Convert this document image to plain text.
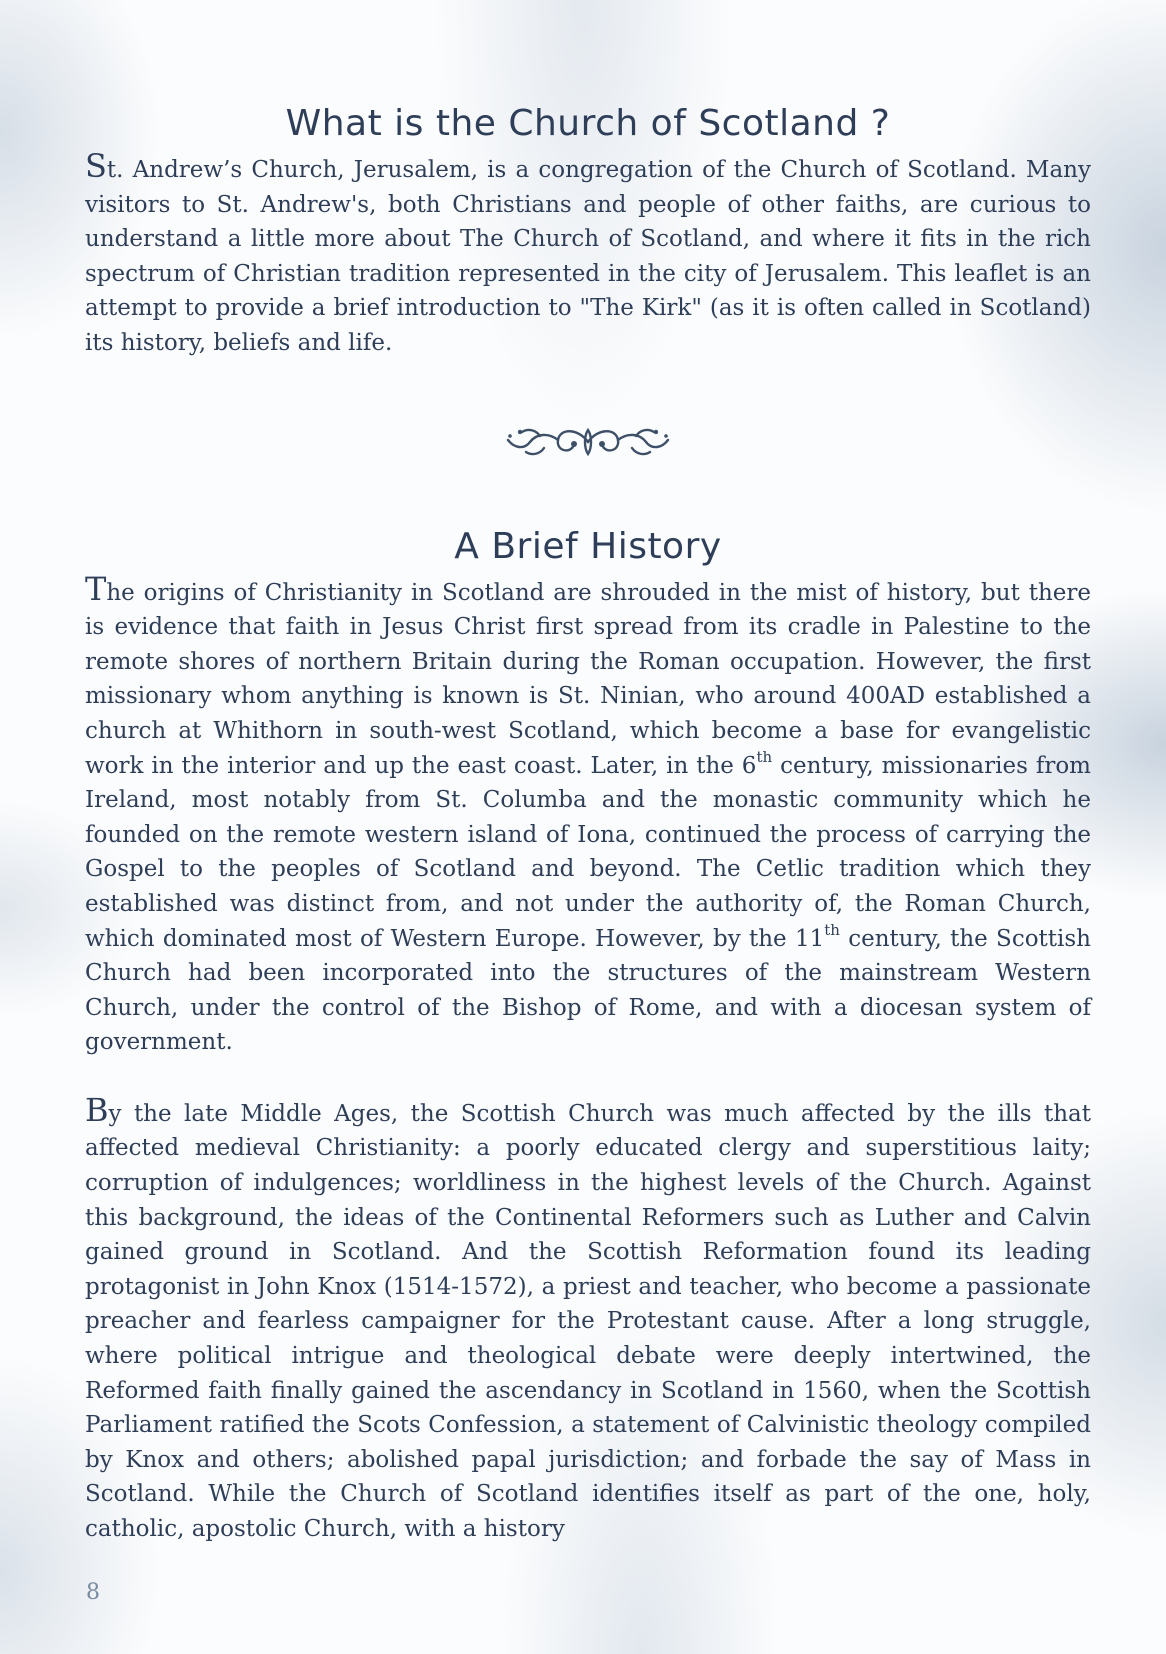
What is the Church of Scotland ?

St. Andrew’s Church, Jerusalem, is a congregation of the Church of Scotland. Many visitors to St. Andrew's, both Christians and people of other faiths, are curious to understand a little more about The Church of Scotland, and where it fits in the rich spectrum of Christian tradition represented in the city of Jerusalem. This leaflet is an attempt to provide a brief introduction to "The Kirk" (as it is often called in Scotland) its history, beliefs and life.

A Brief History

The origins of Christianity in Scotland are shrouded in the mist of history, but there is evidence that faith in Jesus Christ first spread from its cradle in Palestine to the remote shores of northern Britain during the Roman occupation. However, the first missionary whom anything is known is St. Ninian, who around 400AD established a church at Whithorn in south-west Scotland, which become a base for evangelistic work in the interior and up the east coast. Later, in the 6th century, missionaries from Ireland, most notably from St. Columba and the monastic community which he founded on the remote western island of Iona, continued the process of carrying the Gospel to the peoples of Scotland and beyond. The Cetlic tradition which they established was distinct from, and not under the authority of, the Roman Church, which dominated most of Western Europe. However, by the 11th century, the Scottish Church had been incorporated into the structures of the mainstream Western Church, under the control of the Bishop of Rome, and with a diocesan system of government.

By the late Middle Ages, the Scottish Church was much affected by the ills that affected medieval Christianity: a poorly educated clergy and superstitious laity; corruption of indulgences; worldliness in the highest levels of the Church. Against this background, the ideas of the Continental Reformers such as Luther and Calvin gained ground in Scotland. And the Scottish Reformation found its leading protagonist in John Knox (1514-1572), a priest and teacher, who become a passionate preacher and fearless campaigner for the Protestant cause. After a long struggle, where political intrigue and theological debate were deeply intertwined, the Reformed faith finally gained the ascendancy in Scotland in 1560, when the Scottish Parliament ratified the Scots Confession, a statement of Calvinistic theology compiled by Knox and others; abolished papal jurisdiction; and forbade the say of Mass in Scotland. While the Church of Scotland identifies itself as part of the one, holy, catholic, apostolic Church, with a history

8
